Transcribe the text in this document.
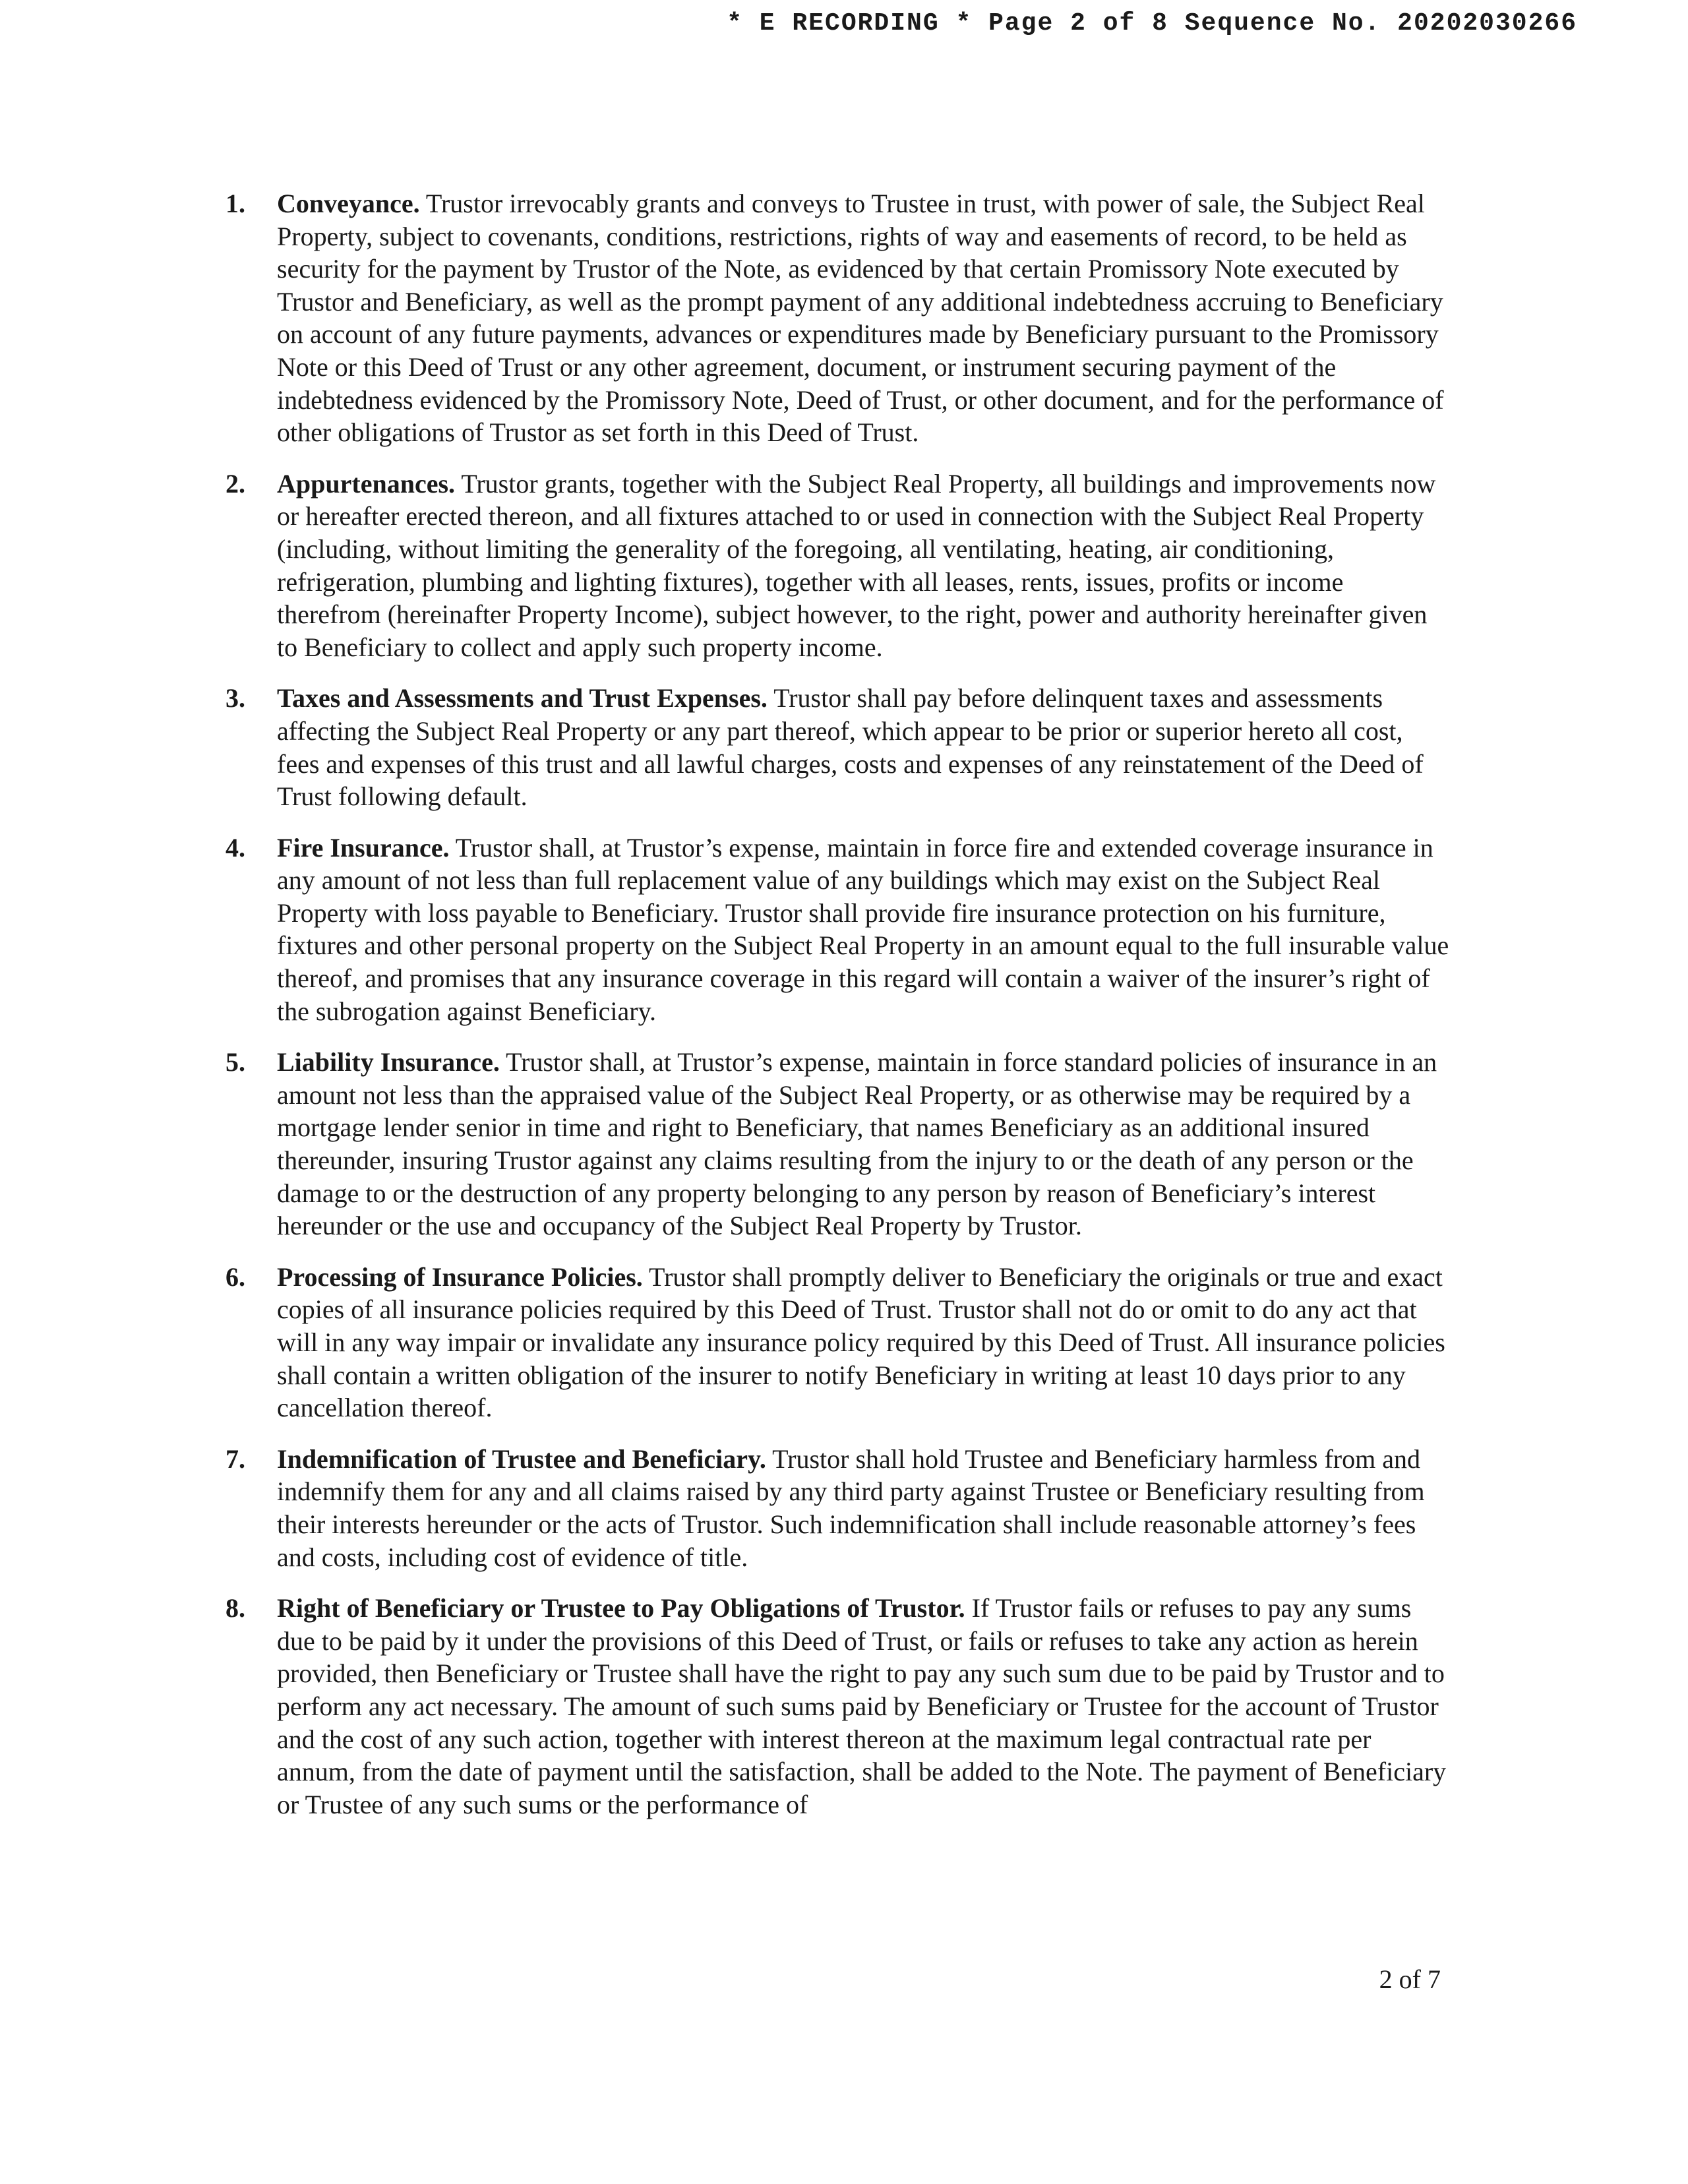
* E RECORDING * Page 2 of 8 Sequence No. 20202030266
1. Conveyance. Trustor irrevocably grants and conveys to Trustee in trust, with power of sale, the Subject Real Property, subject to covenants, conditions, restrictions, rights of way and easements of record, to be held as security for the payment by Trustor of the Note, as evidenced by that certain Promissory Note executed by Trustor and Beneficiary, as well as the prompt payment of any additional indebtedness accruing to Beneficiary on account of any future payments, advances or expenditures made by Beneficiary pursuant to the Promissory Note or this Deed of Trust or any other agreement, document, or instrument securing payment of the indebtedness evidenced by the Promissory Note, Deed of Trust, or other document, and for the performance of other obligations of Trustor as set forth in this Deed of Trust.
2. Appurtenances. Trustor grants, together with the Subject Real Property, all buildings and improvements now or hereafter erected thereon, and all fixtures attached to or used in connection with the Subject Real Property (including, without limiting the generality of the foregoing, all ventilating, heating, air conditioning, refrigeration, plumbing and lighting fixtures), together with all leases, rents, issues, profits or income therefrom (hereinafter Property Income), subject however, to the right, power and authority hereinafter given to Beneficiary to collect and apply such property income.
3. Taxes and Assessments and Trust Expenses. Trustor shall pay before delinquent taxes and assessments affecting the Subject Real Property or any part thereof, which appear to be prior or superior hereto all cost, fees and expenses of this trust and all lawful charges, costs and expenses of any reinstatement of the Deed of Trust following default.
4. Fire Insurance. Trustor shall, at Trustor’s expense, maintain in force fire and extended coverage insurance in any amount of not less than full replacement value of any buildings which may exist on the Subject Real Property with loss payable to Beneficiary. Trustor shall provide fire insurance protection on his furniture, fixtures and other personal property on the Subject Real Property in an amount equal to the full insurable value thereof, and promises that any insurance coverage in this regard will contain a waiver of the insurer’s right of the subrogation against Beneficiary.
5. Liability Insurance. Trustor shall, at Trustor’s expense, maintain in force standard policies of insurance in an amount not less than the appraised value of the Subject Real Property, or as otherwise may be required by a mortgage lender senior in time and right to Beneficiary, that names Beneficiary as an additional insured thereunder, insuring Trustor against any claims resulting from the injury to or the death of any person or the damage to or the destruction of any property belonging to any person by reason of Beneficiary’s interest hereunder or the use and occupancy of the Subject Real Property by Trustor.
6. Processing of Insurance Policies. Trustor shall promptly deliver to Beneficiary the originals or true and exact copies of all insurance policies required by this Deed of Trust. Trustor shall not do or omit to do any act that will in any way impair or invalidate any insurance policy required by this Deed of Trust. All insurance policies shall contain a written obligation of the insurer to notify Beneficiary in writing at least 10 days prior to any cancellation thereof.
7. Indemnification of Trustee and Beneficiary. Trustor shall hold Trustee and Beneficiary harmless from and indemnify them for any and all claims raised by any third party against Trustee or Beneficiary resulting from their interests hereunder or the acts of Trustor. Such indemnification shall include reasonable attorney’s fees and costs, including cost of evidence of title.
8. Right of Beneficiary or Trustee to Pay Obligations of Trustor. If Trustor fails or refuses to pay any sums due to be paid by it under the provisions of this Deed of Trust, or fails or refuses to take any action as herein provided, then Beneficiary or Trustee shall have the right to pay any such sum due to be paid by Trustor and to perform any act necessary. The amount of such sums paid by Beneficiary or Trustee for the account of Trustor and the cost of any such action, together with interest thereon at the maximum legal contractual rate per annum, from the date of payment until the satisfaction, shall be added to the Note. The payment of Beneficiary or Trustee of any such sums or the performance of
2 of 7
